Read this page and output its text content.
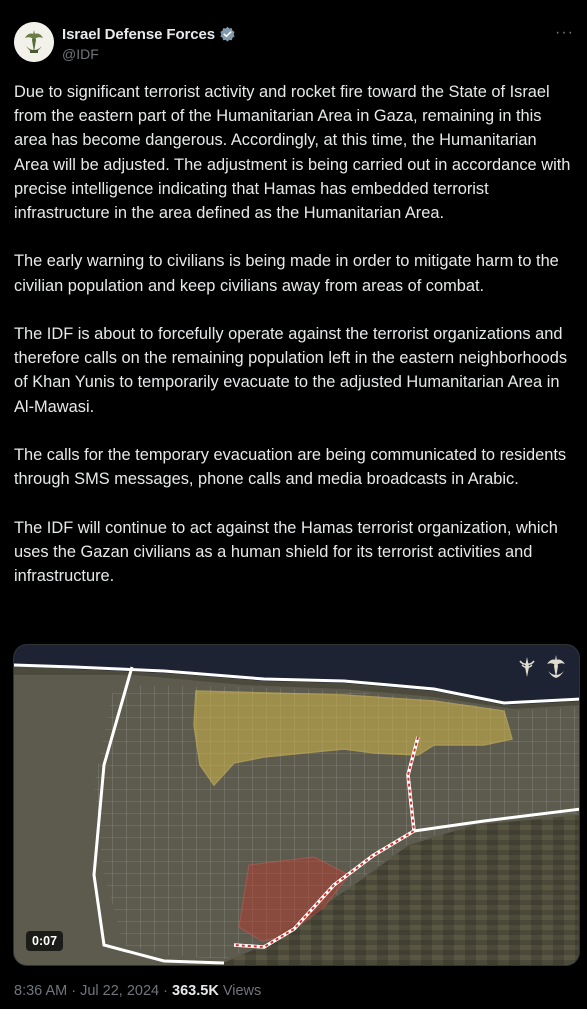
Israel Defense Forces
@IDF
···

Due to significant terrorist activity and rocket fire toward the State of Israel from the eastern part of the Humanitarian Area in Gaza, remaining in this area has become dangerous. Accordingly, at this time, the Humanitarian Area will be adjusted. The adjustment is being carried out in accordance with precise intelligence indicating that Hamas has embedded terrorist infrastructure in the area defined as the Humanitarian Area.

The early warning to civilians is being made in order to mitigate harm to the civilian population and keep civilians away from areas of combat.

The IDF is about to forcefully operate against the terrorist organizations and therefore calls on the remaining population left in the eastern neighborhoods of Khan Yunis to temporarily evacuate to the adjusted Humanitarian Area in Al-Mawasi.

The calls for the temporary evacuation are being communicated to residents through SMS messages, phone calls and media broadcasts in Arabic.

The IDF will continue to act against the Hamas terrorist organization, which uses the Gazan civilians as a human shield for its terrorist activities and infrastructure.

0:07
8:36 AM · Jul 22, 2024 · 363.5K Views
